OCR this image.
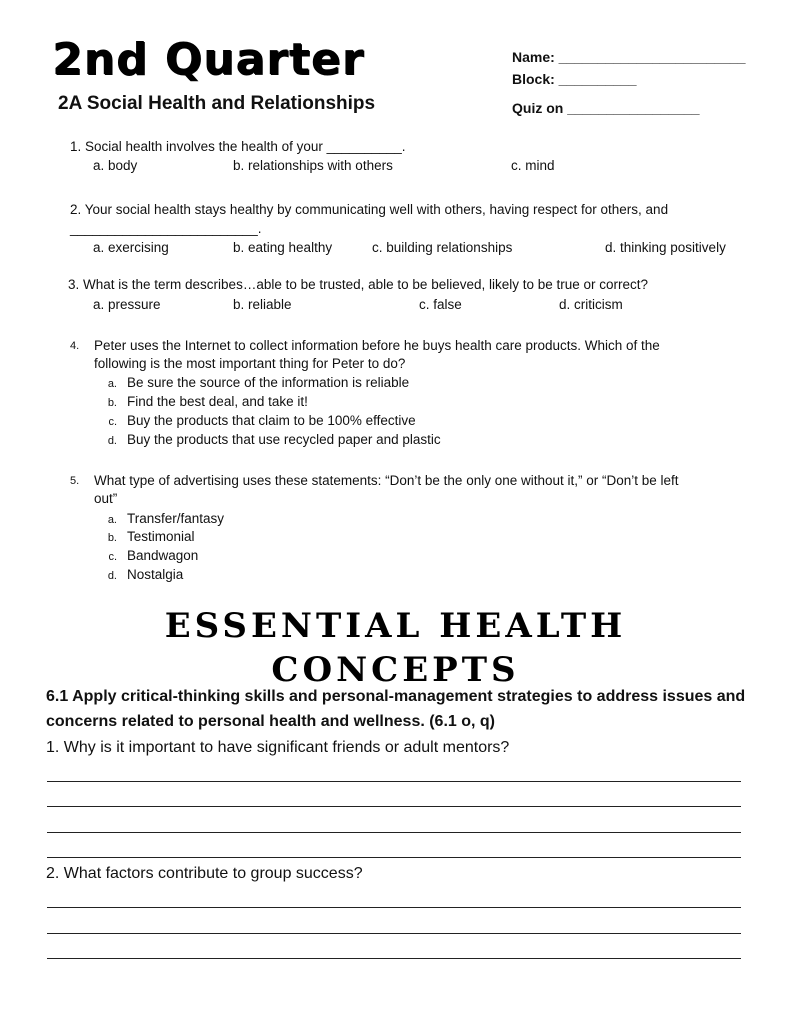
2nd Quarter
2A Social Health and Relationships
Name: ________________________
Block: __________
Quiz on _________________
1. Social health involves the health of your __________.
a. body	b. relationships with others	c. mind
2. Your social health stays healthy by communicating well with others, having respect for others, and
_________________________.
a. exercising	b. eating healthy	c. building relationships	d. thinking positively
3. What is the term describes…able to be trusted, able to be believed, likely to be true or correct?
a. pressure	b. reliable	c. false	d. criticism
4. Peter uses the Internet to collect information before he buys health care products. Which of the
following is the most important thing for Peter to do?
a. Be sure the source of the information is reliable
b. Find the best deal, and take it!
c. Buy the products that claim to be 100% effective
d. Buy the products that use recycled paper and plastic
5. What type of advertising uses these statements: “Don’t be the only one without it,” or “Don’t be left
out”
a. Transfer/fantasy
b. Testimonial
c. Bandwagon
d. Nostalgia
ESSENTIAL HEALTH
CONCEPTS
6.1 Apply critical-thinking skills and personal-management strategies to address issues and
concerns related to personal health and wellness. (6.1 o, q)
1. Why is it important to have significant friends or adult mentors?
2. What factors contribute to group success?
